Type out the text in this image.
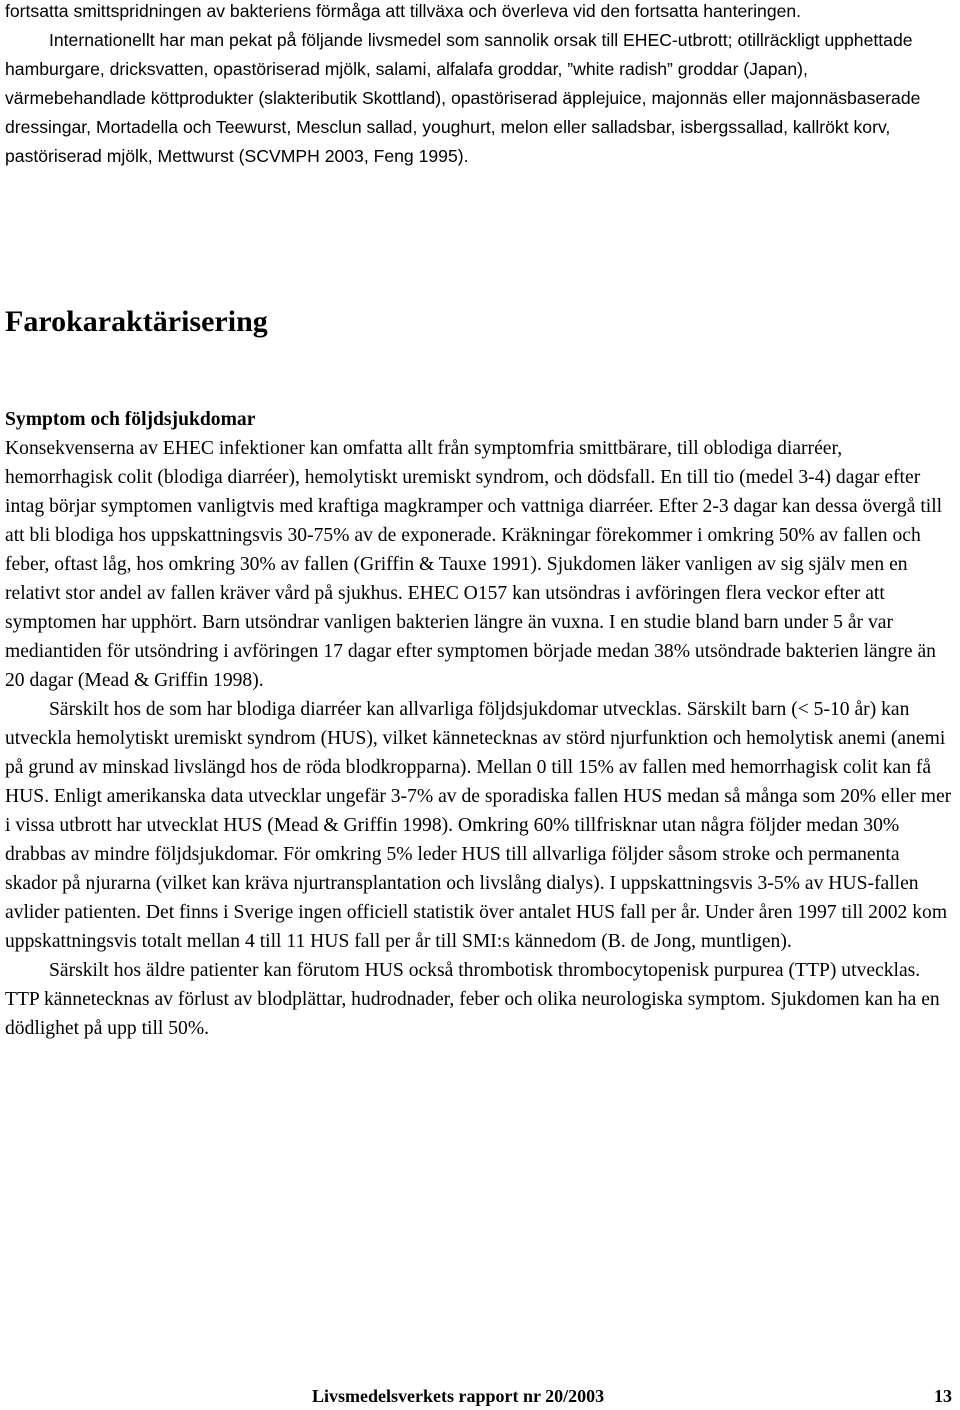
fortsatta smittspridningen av bakteriens förmåga att tillväxa och överleva vid den fortsatta hanteringen.

Internationellt har man pekat på följande livsmedel som sannolik orsak till EHEC-utbrott; otillräckligt upphettade hamburgare, dricksvatten, opastöriserad mjölk, salami, alfalafa groddar, ”white radish” groddar (Japan), värmebehandlade köttprodukter (slakteributik Skottland), opastöriserad äpplejuice, majonnäs eller majonnäsbaserade dressingar, Mortadella och Teewurst, Mesclun sallad, youghurt, melon eller salladsbar, isbergssallad, kallrökt korv, pastöriserad mjölk, Mettwurst (SCVMPH 2003, Feng 1995).

Farokaraktärisering
Symptom och följdsjukdomar

Konsekvenserna av EHEC infektioner kan omfatta allt från symptomfria smittbärare, till oblodiga diarréer, hemorrhagisk colit (blodiga diarréer), hemolytiskt uremiskt syndrom, och dödsfall. En till tio (medel 3-4) dagar efter intag börjar symptomen vanligtvis med kraftiga magkramper och vattniga diarréer. Efter 2-3 dagar kan dessa övergå till att bli blodiga hos uppskattningsvis 30-75% av de exponerade. Kräkningar förekommer i omkring 50% av fallen och feber, oftast låg, hos omkring 30% av fallen (Griffin & Tauxe 1991). Sjukdomen läker vanligen av sig själv men en relativt stor andel av fallen kräver vård på sjukhus. EHEC O157 kan utsöndras i avföringen flera veckor efter att symptomen har upphört. Barn utsöndrar vanligen bakterien längre än vuxna. I en studie bland barn under 5 år var mediantiden för utsöndring i avföringen 17 dagar efter symptomen började medan 38% utsöndrade bakterien längre än 20 dagar (Mead & Griffin 1998).

Särskilt hos de som har blodiga diarréer kan allvarliga följdsjukdomar utvecklas. Särskilt barn (< 5-10 år) kan utveckla hemolytiskt uremiskt syndrom (HUS), vilket kännetecknas av störd njurfunktion och hemolytisk anemi (anemi på grund av minskad livslängd hos de röda blodkropparna). Mellan 0 till 15% av fallen med hemorrhagisk colit kan få HUS. Enligt amerikanska data utvecklar ungefär 3-7% av de sporadiska fallen HUS medan så många som 20% eller mer i vissa utbrott har utvecklat HUS (Mead & Griffin 1998). Omkring 60% tillfrisknar utan några följder medan 30% drabbas av mindre följdsjukdomar. För omkring 5% leder HUS till allvarliga följder såsom stroke och permanenta skador på njurarna (vilket kan kräva njurtransplantation och livslång dialys). I uppskattningsvis 3-5% av HUS-fallen avlider patienten. Det finns i Sverige ingen officiell statistik över antalet HUS fall per år. Under åren 1997 till 2002 kom uppskattningsvis totalt mellan 4 till 11 HUS fall per år till SMI:s kännedom (B. de Jong, muntligen).

Särskilt hos äldre patienter kan förutom HUS också thrombotisk thrombocytopenisk purpurea (TTP) utvecklas. TTP kännetecknas av förlust av blodplättar, hudrodnader, feber och olika neurologiska symptom. Sjukdomen kan ha en dödlighet på upp till 50%.

Livsmedelsverkets rapport nr 20/2003	13
